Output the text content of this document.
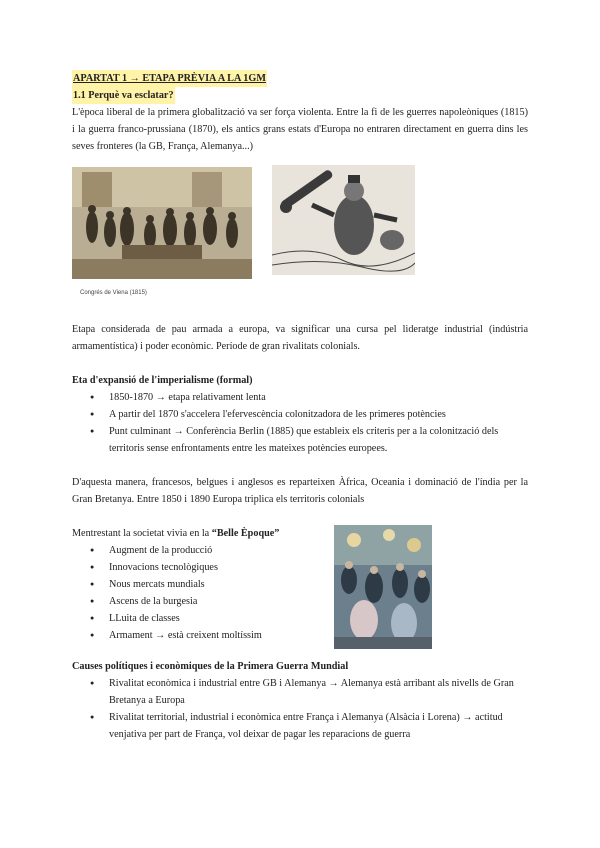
APARTAT 1 → ETAPA PRÈVIA A LA 1GM

1.1 Perquè va esclatar?

L'època liberal de la primera globalització va ser força violenta. Entre la fi de les guerres napoleòniques (1815) i la guerra franco-prussiana (1870), els antics grans estats d'Europa no entraren directament en guerra dins les seves fronteres (la GB, França, Alemanya...)

Congrés de Viena (1815)

Etapa considerada de pau armada a europa, va significar una cursa pel lideratge industrial (indústria armamentística) i poder econòmic. Període de gran rivalitats colonials.

Eta d'expansió de l'imperialisme (formal)

● 1850-1870 → etapa relativament lenta
● A partir del 1870 s'accelera l'efervescència colonitzadora de les primeres potències
● Punt culminant → Conferència Berlin (1885) que estableix els criteris per a la colonització dels territoris sense enfrontaments entre les mateixes potències europees.

D'aquesta manera, francesos, belgues i anglesos es reparteixen Àfrica, Oceania i dominació de l'índia per la Gran Bretanya. Entre 1850 i 1890 Europa triplica els territoris colonials

Mentrestant la societat vivia en la “Belle Èpoque”

● Augment de la producció
● Innovacions tecnològiques
● Nous mercats mundials
● Ascens de la burgesia
● LLuita de classes
● Armament → està creixent moltíssim

Causes polítiques i econòmiques de la Primera Guerra Mundial

● Rivalitat econòmica i industrial entre GB i Alemanya → Alemanya està arribant als nivells de Gran Bretanya a Europa
● Rivalitat territorial, industrial i econòmica entre França i Alemanya (Alsàcia i Lorena) → actitud venjativa per part de França, vol deixar de pagar les reparacions de guerra
